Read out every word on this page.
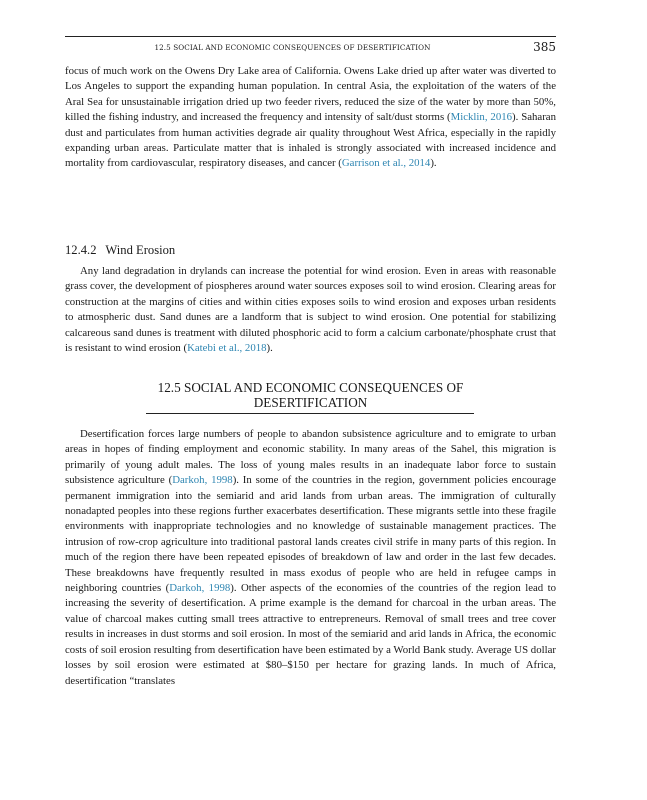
12.5 SOCIAL AND ECONOMIC CONSEQUENCES OF DESERTIFICATION	385

focus of much work on the Owens Dry Lake area of California. Owens Lake dried up after water was diverted to Los Angeles to support the expanding human population. In central Asia, the exploitation of the waters of the Aral Sea for unsustainable irrigation dried up two feeder rivers, reduced the size of the water by more than 50%, killed the fishing industry, and increased the frequency and intensity of salt/dust storms (Micklin, 2016). Saharan dust and particulates from human activities degrade air quality throughout West Africa, especially in the rapidly expanding urban areas. Particulate matter that is inhaled is strongly associated with increased incidence and mortality from cardiovascular, respiratory diseases, and cancer (Garrison et al., 2014).

12.4.2 Wind Erosion

Any land degradation in drylands can increase the potential for wind erosion. Even in areas with reasonable grass cover, the development of piospheres around water sources exposes soil to wind erosion. Clearing areas for construction at the margins of cities and within cities exposes soils to wind erosion and exposes urban residents to atmospheric dust. Sand dunes are a landform that is subject to wind erosion. One potential for stabilizing calcareous sand dunes is treatment with diluted phosphoric acid to form a calcium carbonate/phosphate crust that is resistant to wind erosion (Katebi et al., 2018).

12.5 SOCIAL AND ECONOMIC CONSEQUENCES OF
DESERTIFICATION

Desertification forces large numbers of people to abandon subsistence agriculture and to emigrate to urban areas in hopes of finding employment and economic stability. In many areas of the Sahel, this migration is primarily of young adult males. The loss of young males results in an inadequate labor force to sustain subsistence agriculture (Darkoh, 1998). In some of the countries in the region, government policies encourage permanent immigration into the semiarid and arid lands from urban areas. The immigration of culturally nonadapted peoples into these regions further exacerbates desertification. These migrants settle into these fragile environments with inappropriate technologies and no knowledge of sustainable management practices. The intrusion of row-crop agriculture into traditional pastoral lands creates civil strife in many parts of this region. In much of the region there have been repeated episodes of breakdown of law and order in the last few decades. These breakdowns have frequently resulted in mass exodus of people who are held in refugee camps in neighboring countries (Darkoh, 1998). Other aspects of the economies of the countries of the region lead to increasing the severity of desertification. A prime example is the demand for charcoal in the urban areas. The value of charcoal makes cutting small trees attractive to entrepreneurs. Removal of small trees and tree cover results in increases in dust storms and soil erosion. In most of the semiarid and arid lands in Africa, the economic costs of soil erosion resulting from desertification have been estimated by a World Bank study. Average US dollar losses by soil erosion were estimated at $80–$150 per hectare for grazing lands. In much of Africa, desertification “translates
